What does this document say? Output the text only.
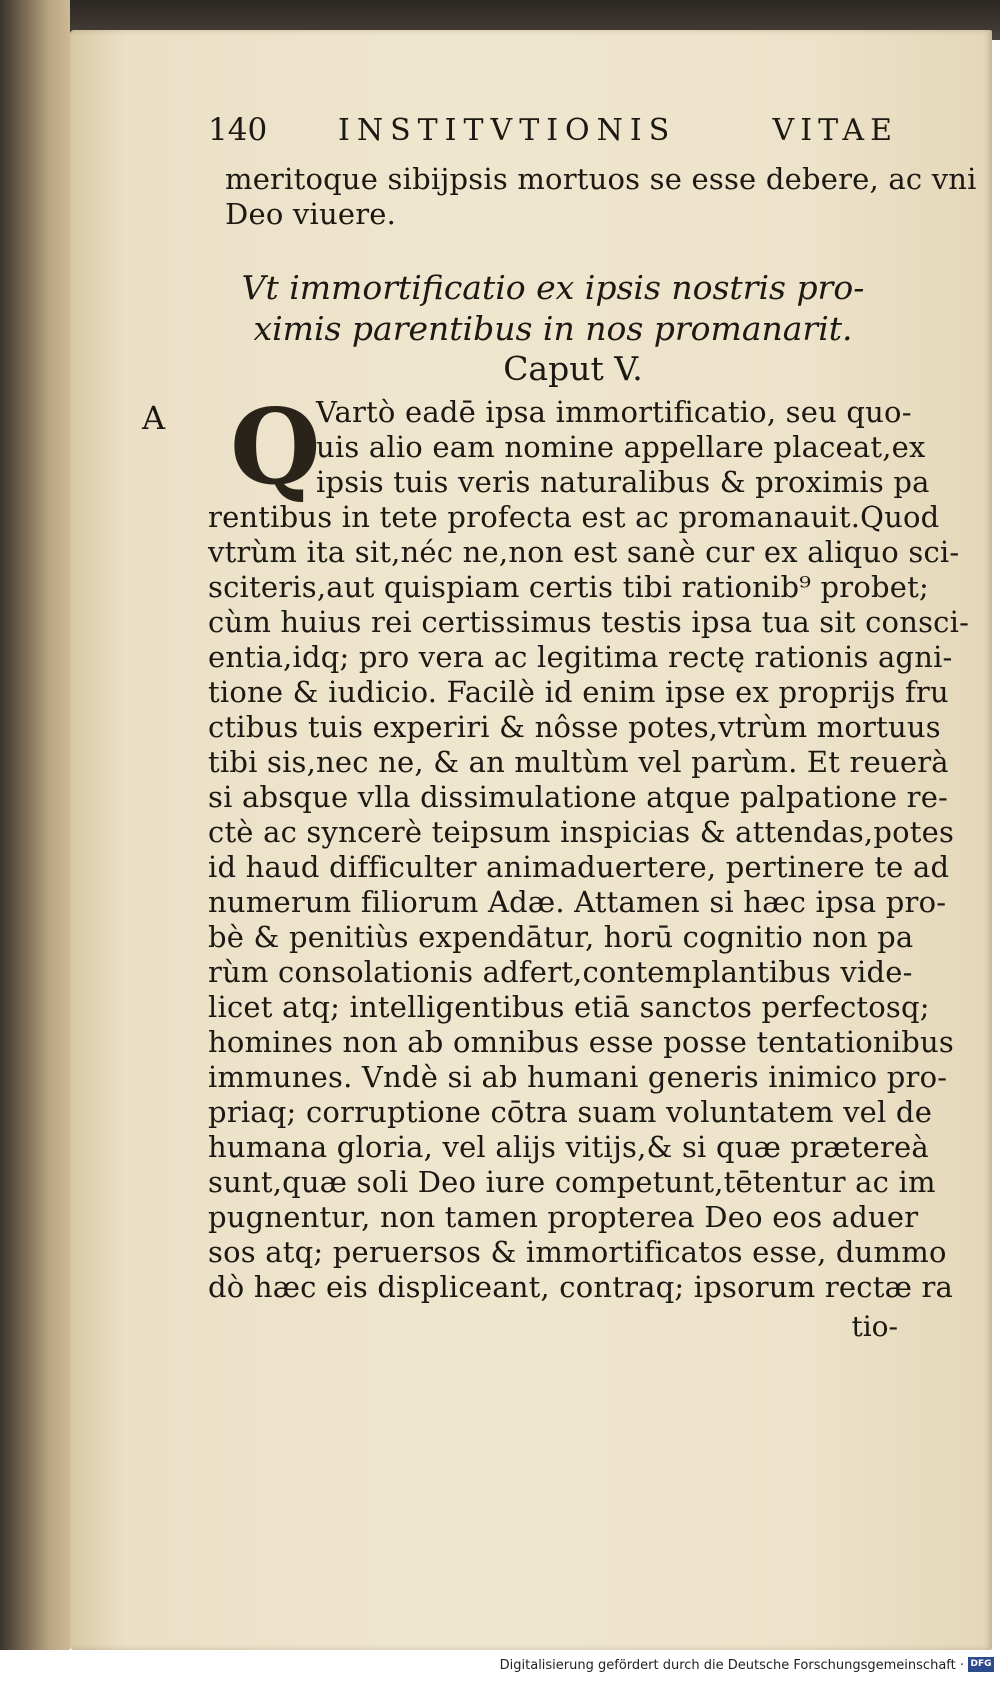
140	INSTITVTIONIS	VITAE
meritoque sibijpsis mortuos se esse debere, ac vni
Deo viuere.
Vt immortificatio ex ipsis nostris pro-
ximis parentibus in nos promanarit.
Caput V.
A Q
Vartò eadē ipsa immortificatio, seu quo-
uis alio eam nomine appellare placeat,ex
ipsis tuis veris naturalibus & proximis pa
rentibus in tete profecta est ac promanauit.Quod
vtrùm ita sit,néc ne,non est sanè cur ex aliquo sci-
sciteris,aut quispiam certis tibi rationib⁹ probet;
cùm huius rei certissimus testis ipsa tua sit consci-
entia,idq; pro vera ac legitima rectę rationis agni-
tione & iudicio. Facilè id enim ipse ex proprijs fru
ctibus tuis experiri & nôsse potes,vtrùm mortuus
tibi sis,nec ne, & an multùm vel parùm. Et reuerà
si absque vlla dissimulatione atque palpatione re-
ctè ac syncerè teipsum inspicias & attendas,potes
id haud difficulter animaduertere, pertinere te ad
numerum filiorum Adæ. Attamen si hæc ipsa pro-
bè & penitiùs expendātur, horū cognitio non pa
rùm consolationis adfert,contemplantibus vide-
licet atq; intelligentibus etiā sanctos perfectosq;
homines non ab omnibus esse posse tentationibus
immunes. Vndè si ab humani generis inimico pro-
priaq; corruptione cōtra suam voluntatem vel de
humana gloria, vel alijs vitijs,& si quæ prætereà
sunt,quæ soli Deo iure competunt,tētentur ac im
pugnentur, non tamen propterea Deo eos aduer
sos atq; peruersos & immortificatos esse, dummo
dò hæc eis displiceant, contraq; ipsorum rectæ ra
tio-
Digitalisierung gefördert durch die Deutsche Forschungsgemeinschaft · DFG
